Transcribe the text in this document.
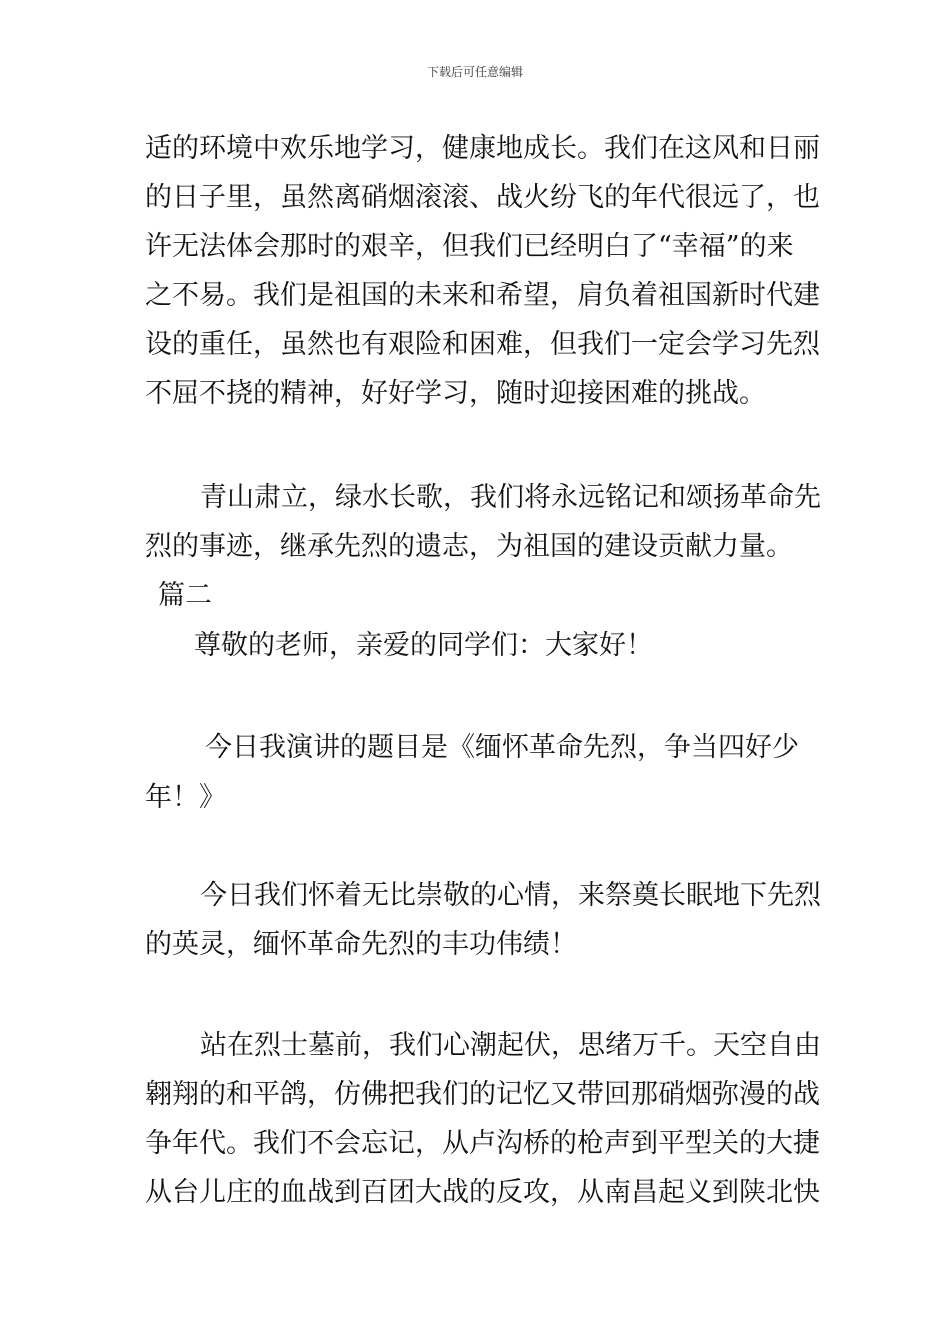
下载后可任意编辑
适的环境中欢乐地学习，健康地成长。我们在这风和日丽
的日子里，虽然离硝烟滚滚、战火纷飞的年代很远了，也
许无法体会那时的艰辛，但我们已经明白了“幸福”的来
之不易。我们是祖国的未来和希望，肩负着祖国新时代建
设的重任，虽然也有艰险和困难，但我们一定会学习先烈
不屈不挠的精神，好好学习，随时迎接困难的挑战。
青山肃立，绿水长歌，我们将永远铭记和颂扬革命先
烈的事迹，继承先烈的遗志，为祖国的建设贡献力量。
篇二
尊敬的老师，亲爱的同学们：大家好！
今日我演讲的题目是《缅怀革命先烈，争当四好少
年！》
今日我们怀着无比崇敬的心情，来祭奠长眠地下先烈
的英灵，缅怀革命先烈的丰功伟绩！
站在烈士墓前，我们心潮起伏，思绪万千。天空自由
翱翔的和平鸽，仿佛把我们的记忆又带回那硝烟弥漫的战
争年代。我们不会忘记，从卢沟桥的枪声到平型关的大捷
从台儿庄的血战到百团大战的反攻，从南昌起义到陕北快
